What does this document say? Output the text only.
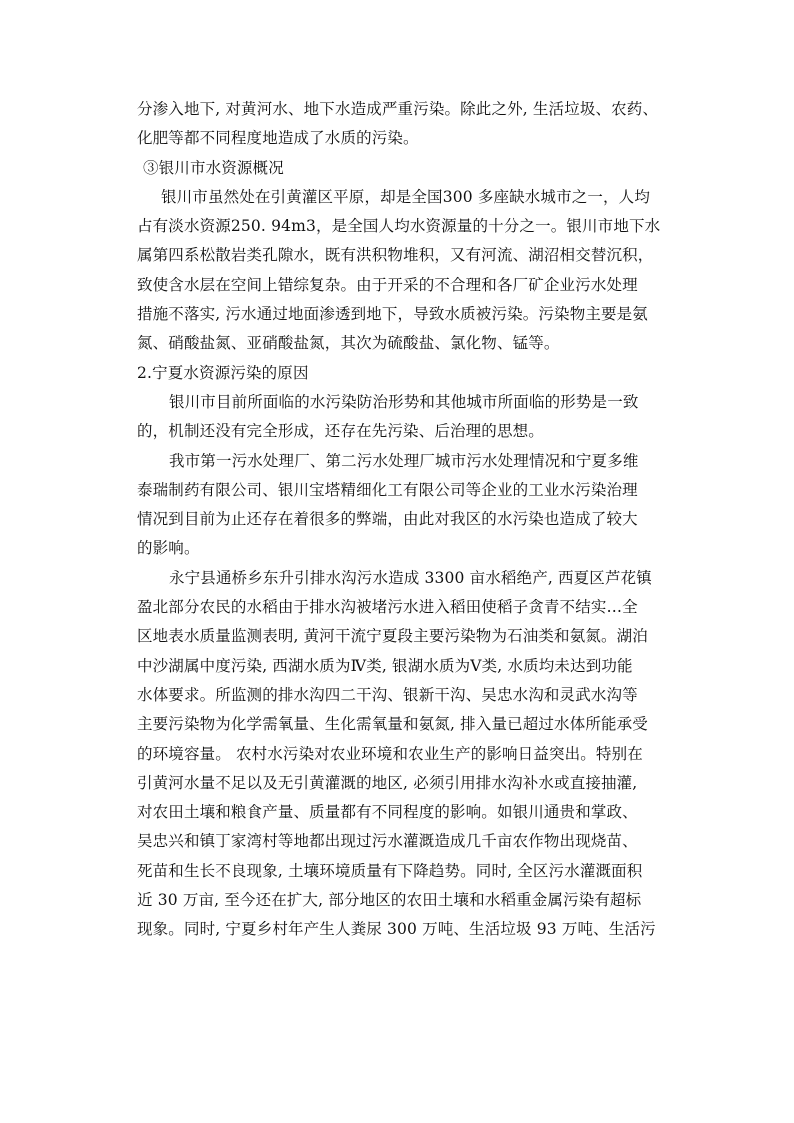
分渗入地下, 对黄河水、地下水造成严重污染。除此之外, 生活垃圾、农药、
化肥等都不同程度地造成了水质的污染。
③银川市水资源概况
银川市虽然处在引黄灌区平原，却是全国300 多座缺水城市之一，人均
占有淡水资源250. 94m3，是全国人均水资源量的十分之一。银川市地下水
属第四系松散岩类孔隙水，既有洪积物堆积，又有河流、湖沼相交替沉积，
致使含水层在空间上错综复杂。由于开采的不合理和各厂矿企业污水处理
措施不落实, 污水通过地面渗透到地下，导致水质被污染。污染物主要是氨
氮、硝酸盐氮、亚硝酸盐氮，其次为硫酸盐、氯化物、锰等。
2.宁夏水资源污染的原因
银川市目前所面临的水污染防治形势和其他城市所面临的形势是一致
的，机制还没有完全形成，还存在先污染、后治理的思想。
我市第一污水处理厂、第二污水处理厂城市污水处理情况和宁夏多维
泰瑞制药有限公司、银川宝塔精细化工有限公司等企业的工业水污染治理
情况到目前为止还存在着很多的弊端，由此对我区的水污染也造成了较大
的影响。
永宁县通桥乡东升引排水沟污水造成 3300 亩水稻绝产, 西夏区芦花镇
盈北部分农民的水稻由于排水沟被堵污水进入稻田使稻子贪青不结实…全
区地表水质量监测表明, 黄河干流宁夏段主要污染物为石油类和氨氮。湖泊
中沙湖属中度污染, 西湖水质为Ⅳ类, 银湖水质为Ⅴ类, 水质均未达到功能
水体要求。所监测的排水沟四二干沟、银新干沟、吴忠水沟和灵武水沟等
主要污染物为化学需氧量、生化需氧量和氨氮, 排入量已超过水体所能承受
的环境容量。 农村水污染对农业环境和农业生产的影响日益突出。特别在
引黄河水量不足以及无引黄灌溉的地区, 必须引用排水沟补水或直接抽灌,
对农田土壤和粮食产量、质量都有不同程度的影响。如银川通贵和掌政、
吴忠兴和镇丁家湾村等地都出现过污水灌溉造成几千亩农作物出现烧苗、
死苗和生长不良现象, 土壤环境质量有下降趋势。同时, 全区污水灌溉面积
近 30 万亩, 至今还在扩大, 部分地区的农田土壤和水稻重金属污染有超标
现象。同时, 宁夏乡村年产生人粪尿 300 万吨、生活垃圾 93 万吨、生活污
